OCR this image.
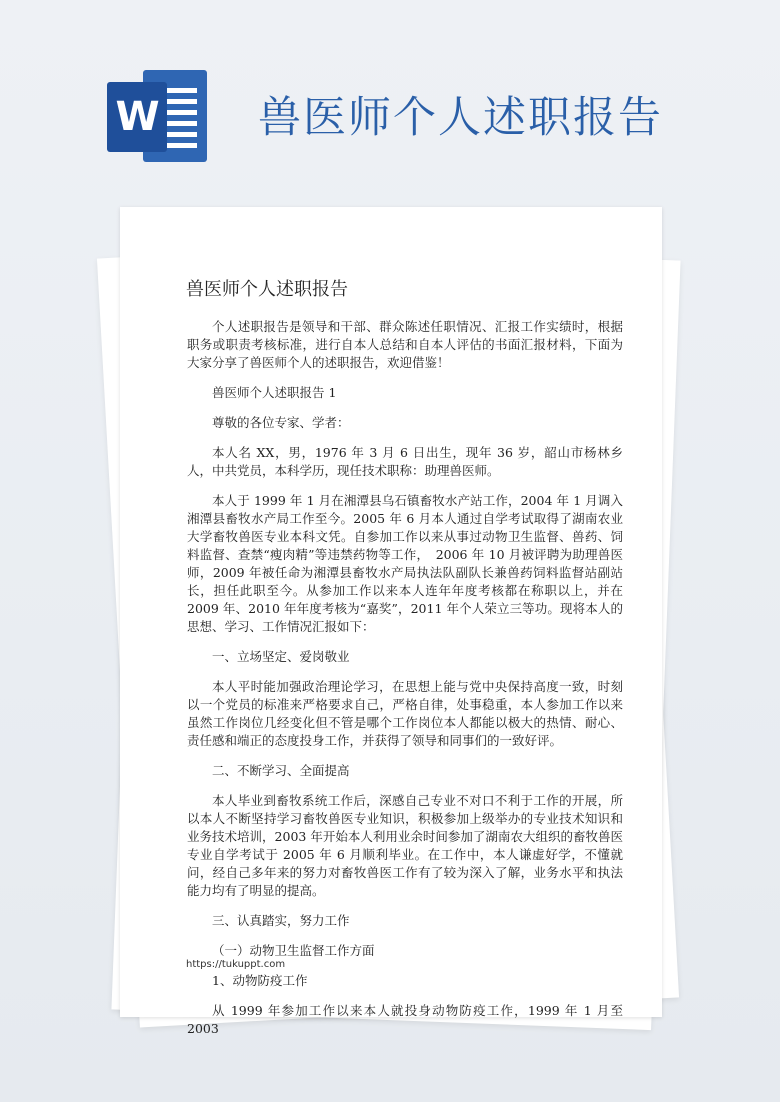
W 兽医师个人述职报告
兽医师个人述职报告

个人述职报告是领导和干部、群众陈述任职情况、汇报工作实绩时，根据职务或职责考核标准，进行自本人总结和自本人评估的书面汇报材料，下面为大家分享了兽医师个人的述职报告，欢迎借鉴！

兽医师个人述职报告 1

尊敬的各位专家、学者：

本人名 XX，男，1976 年 3 月 6 日出生，现年 36 岁，韶山市杨林乡人，中共党员，本科学历，现任技术职称：助理兽医师。

本人于 1999 年 1 月在湘潭县乌石镇畜牧水产站工作，2004 年 1 月调入湘潭县畜牧水产局工作至今。2005 年 6 月本人通过自学考试取得了湖南农业大学畜牧兽医专业本科文凭。自参加工作以来从事过动物卫生监督、兽药、饲料监督、查禁“瘦肉精”等违禁药物等工作，　2006 年 10 月被评聘为助理兽医师，2009 年被任命为湘潭县畜牧水产局执法队副队长兼兽药饲料监督站副站长，担任此职至今。从参加工作以来本人连年年度考核都在称职以上，并在 2009 年、2010 年年度考核为“嘉奖”，2011 年个人荣立三等功。现将本人的思想、学习、工作情况汇报如下：

一、立场坚定、爱岗敬业

本人平时能加强政治理论学习，在思想上能与党中央保持高度一致，时刻以一个党员的标准来严格要求自己，严格自律，处事稳重，本人参加工作以来虽然工作岗位几经变化但不管是哪个工作岗位本人都能以极大的热情、耐心、责任感和端正的态度投身工作，并获得了领导和同事们的一致好评。

二、不断学习、全面提高

本人毕业到畜牧系统工作后，深感自己专业不对口不利于工作的开展，所以本人不断坚持学习畜牧兽医专业知识，积极参加上级举办的专业技术知识和业务技术培训，2003 年开始本人利用业余时间参加了湖南农大组织的畜牧兽医专业自学考试于 2005 年 6 月顺利毕业。在工作中，本人谦虚好学，不懂就问，经自己多年来的努力对畜牧兽医工作有了较为深入了解，业务水平和执法能力均有了明显的提高。

三、认真踏实，努力工作

（一）动物卫生监督工作方面

1、动物防疫工作

从 1999 年参加工作以来本人就投身动物防疫工作，1999 年 1 月至 2003

https://tukuppt.com
